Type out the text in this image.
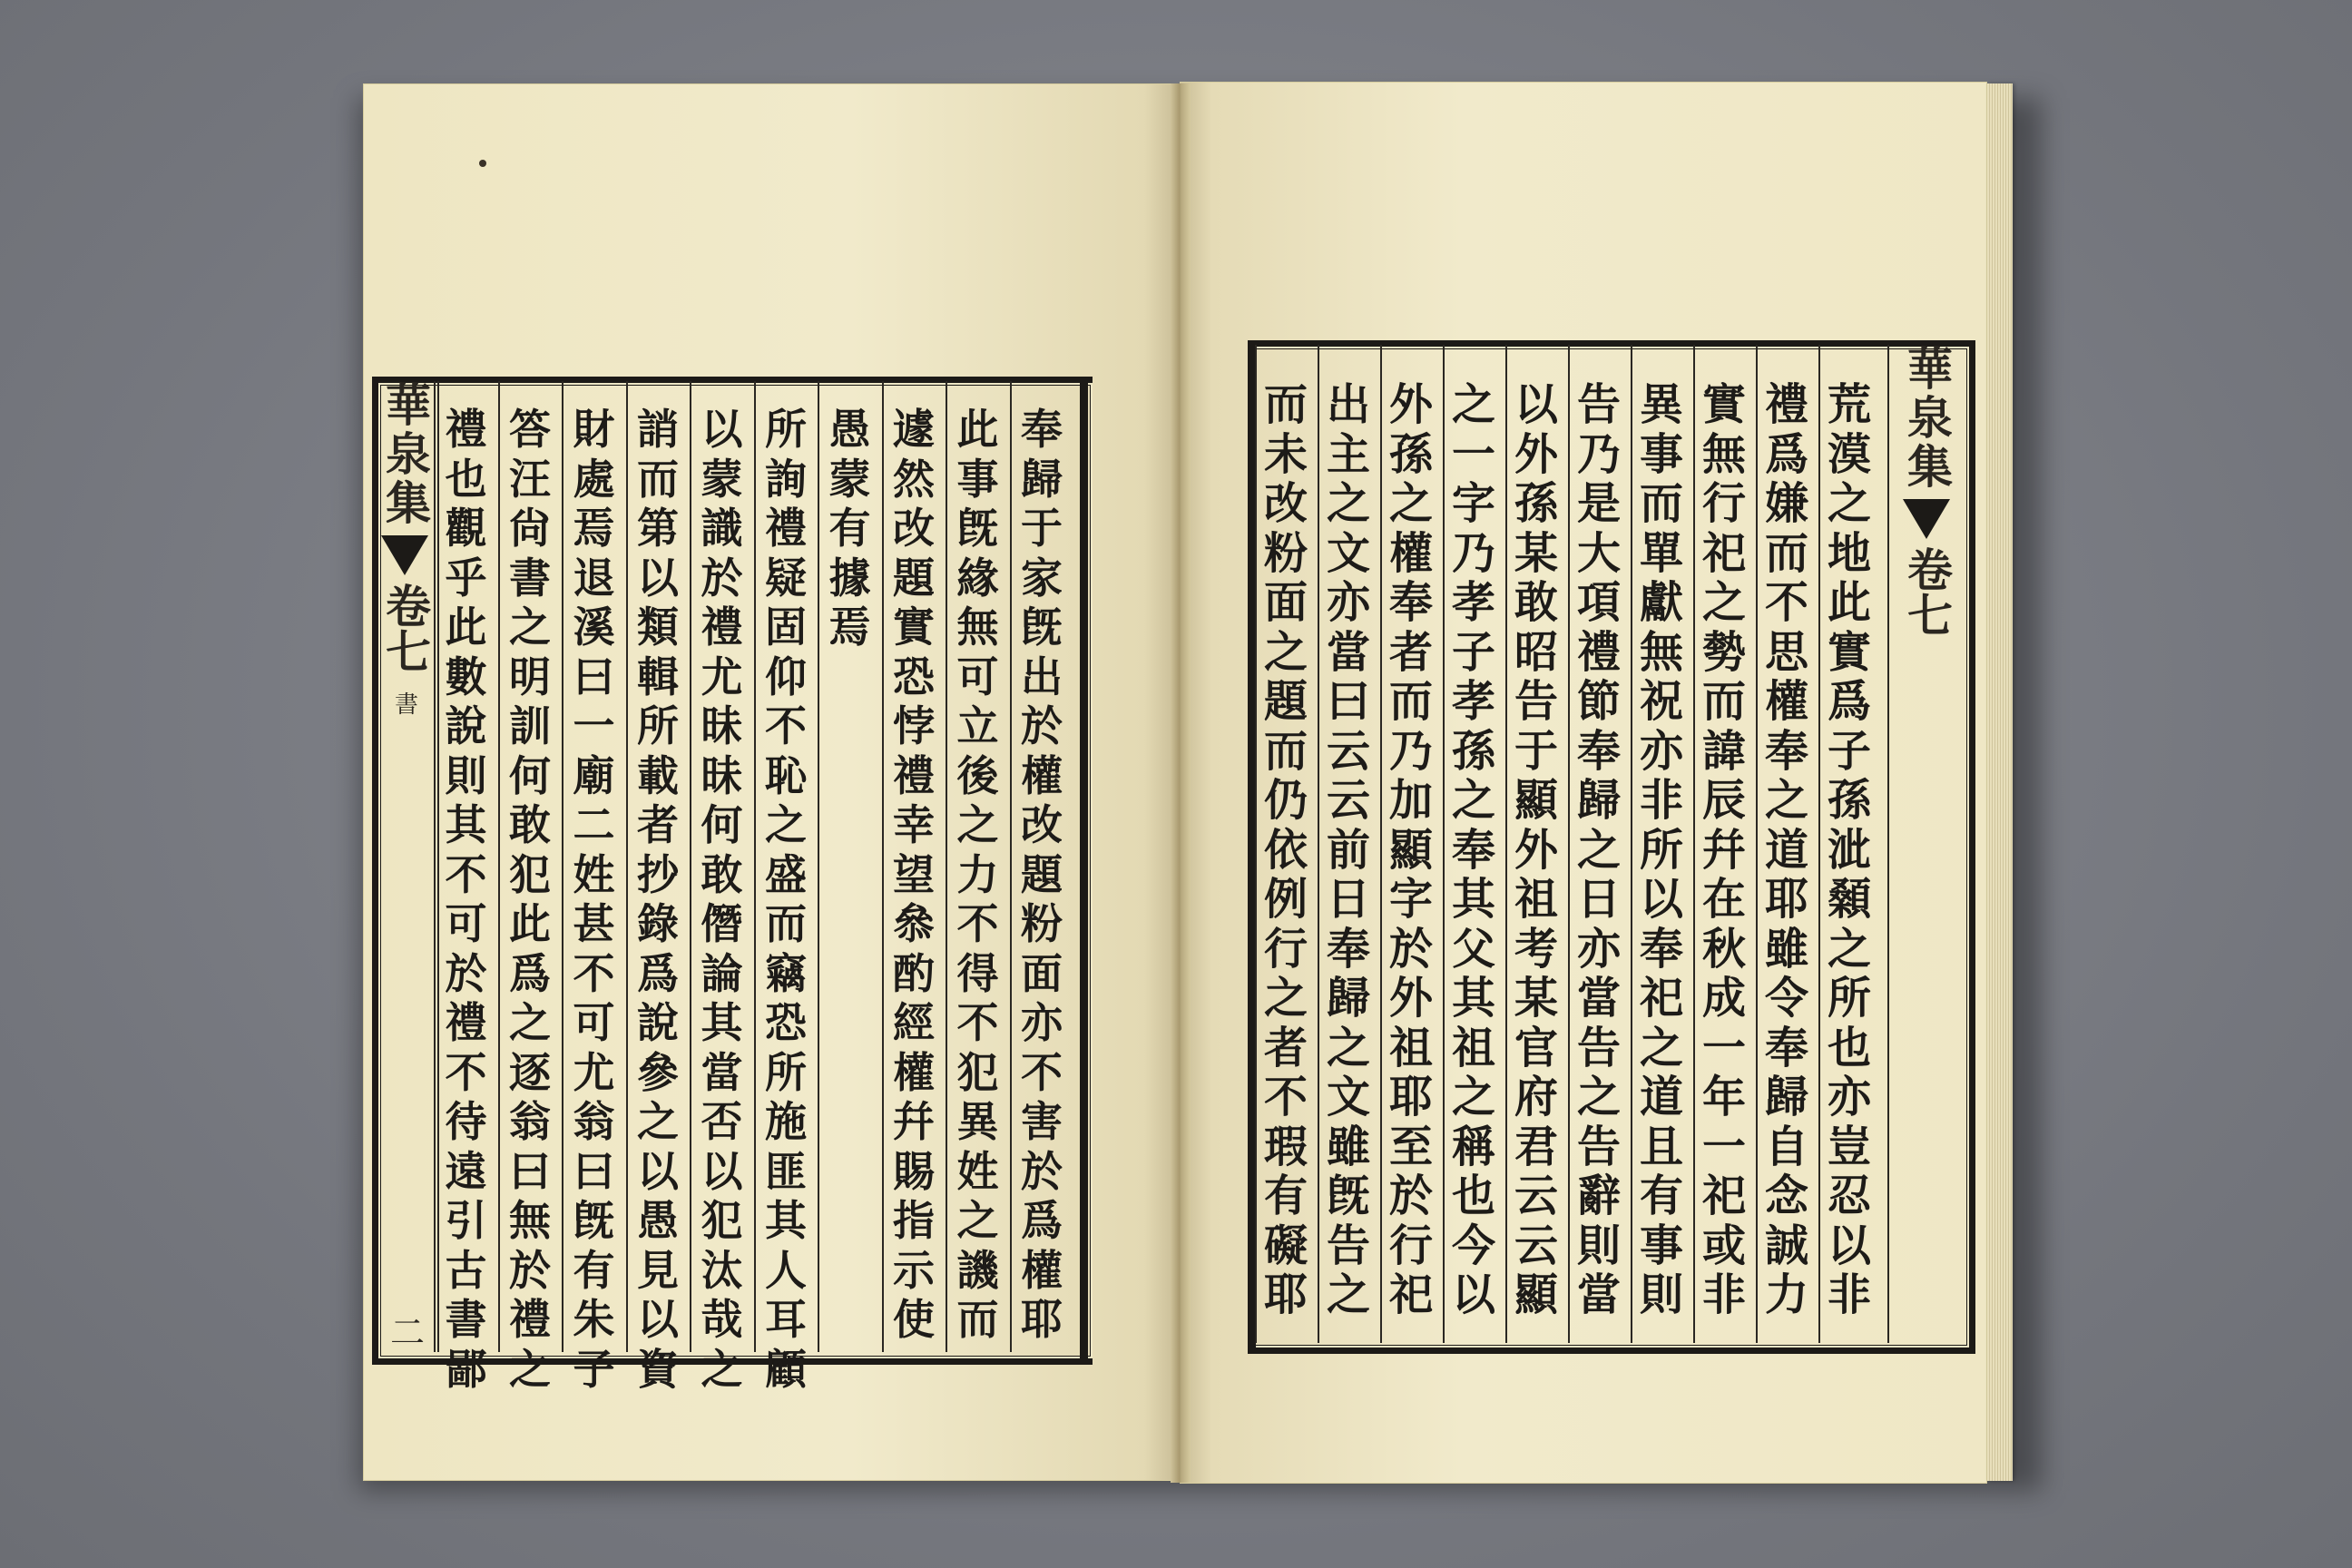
奉
歸
于
家
旣
出
於
權
改
題
粉
面
亦
不
害
於
爲
權
耶
此
事
旣
緣
無
可
立
後
之
力
不
得
不
犯
異
姓
之
譏
而
遽
然
改
題
實
恐
悖
禮
幸
望
叅
酌
經
權
幷
賜
指
示
使
愚
蒙
有
據
焉
所
詢
禮
疑
固
仰
不
恥
之
盛
而
竊
恐
所
施
匪
其
人
耳
顧
以
蒙
識
於
禮
尤
昧
昧
何
敢
僭
論
其
當
否
以
犯
汰
哉
之
誚
而
第
以
類
輯
所
載
者
抄
錄
爲
說
參
之
以
愚
見
以
資
財
處
焉
退
溪
曰
一
廟
二
姓
甚
不
可
尤
翁
曰
旣
有
朱
子
答
汪
尙
書
之
明
訓
何
敢
犯
此
爲
之
逐
翁
曰
無
於
禮
之
禮
也
觀
乎
此
數
說
則
其
不
可
於
禮
不
待
遠
引
古
書
鄙
荒
漠
之
地
此
實
爲
子
孫
泚
顙
之
所
也
亦
豈
忍
以
非
禮
爲
嫌
而
不
思
權
奉
之
道
耶
雖
令
奉
歸
自
念
誠
力
實
無
行
祀
之
勢
而
諱
辰
幷
在
秋
成
一
年
一
祀
或
非
異
事
而
單
獻
無
祝
亦
非
所
以
奉
祀
之
道
且
有
事
則
告
乃
是
大
項
禮
節
奉
歸
之
日
亦
當
告
之
告
辭
則
當
以
外
孫
某
敢
昭
告
于
顯
外
祖
考
某
官
府
君
云
云
顯
之
一
字
乃
孝
子
孝
孫
之
奉
其
父
其
祖
之
稱
也
今
以
外
孫
之
權
奉
者
而
乃
加
顯
字
於
外
祖
耶
至
於
行
祀
出
主
之
文
亦
當
曰
云
云
前
日
奉
歸
之
文
雖
旣
告
之
而
未
改
粉
面
之
題
而
仍
依
例
行
之
者
不
瑕
有
礙
耶
華泉集
卷七
書
二
華泉集
卷七
